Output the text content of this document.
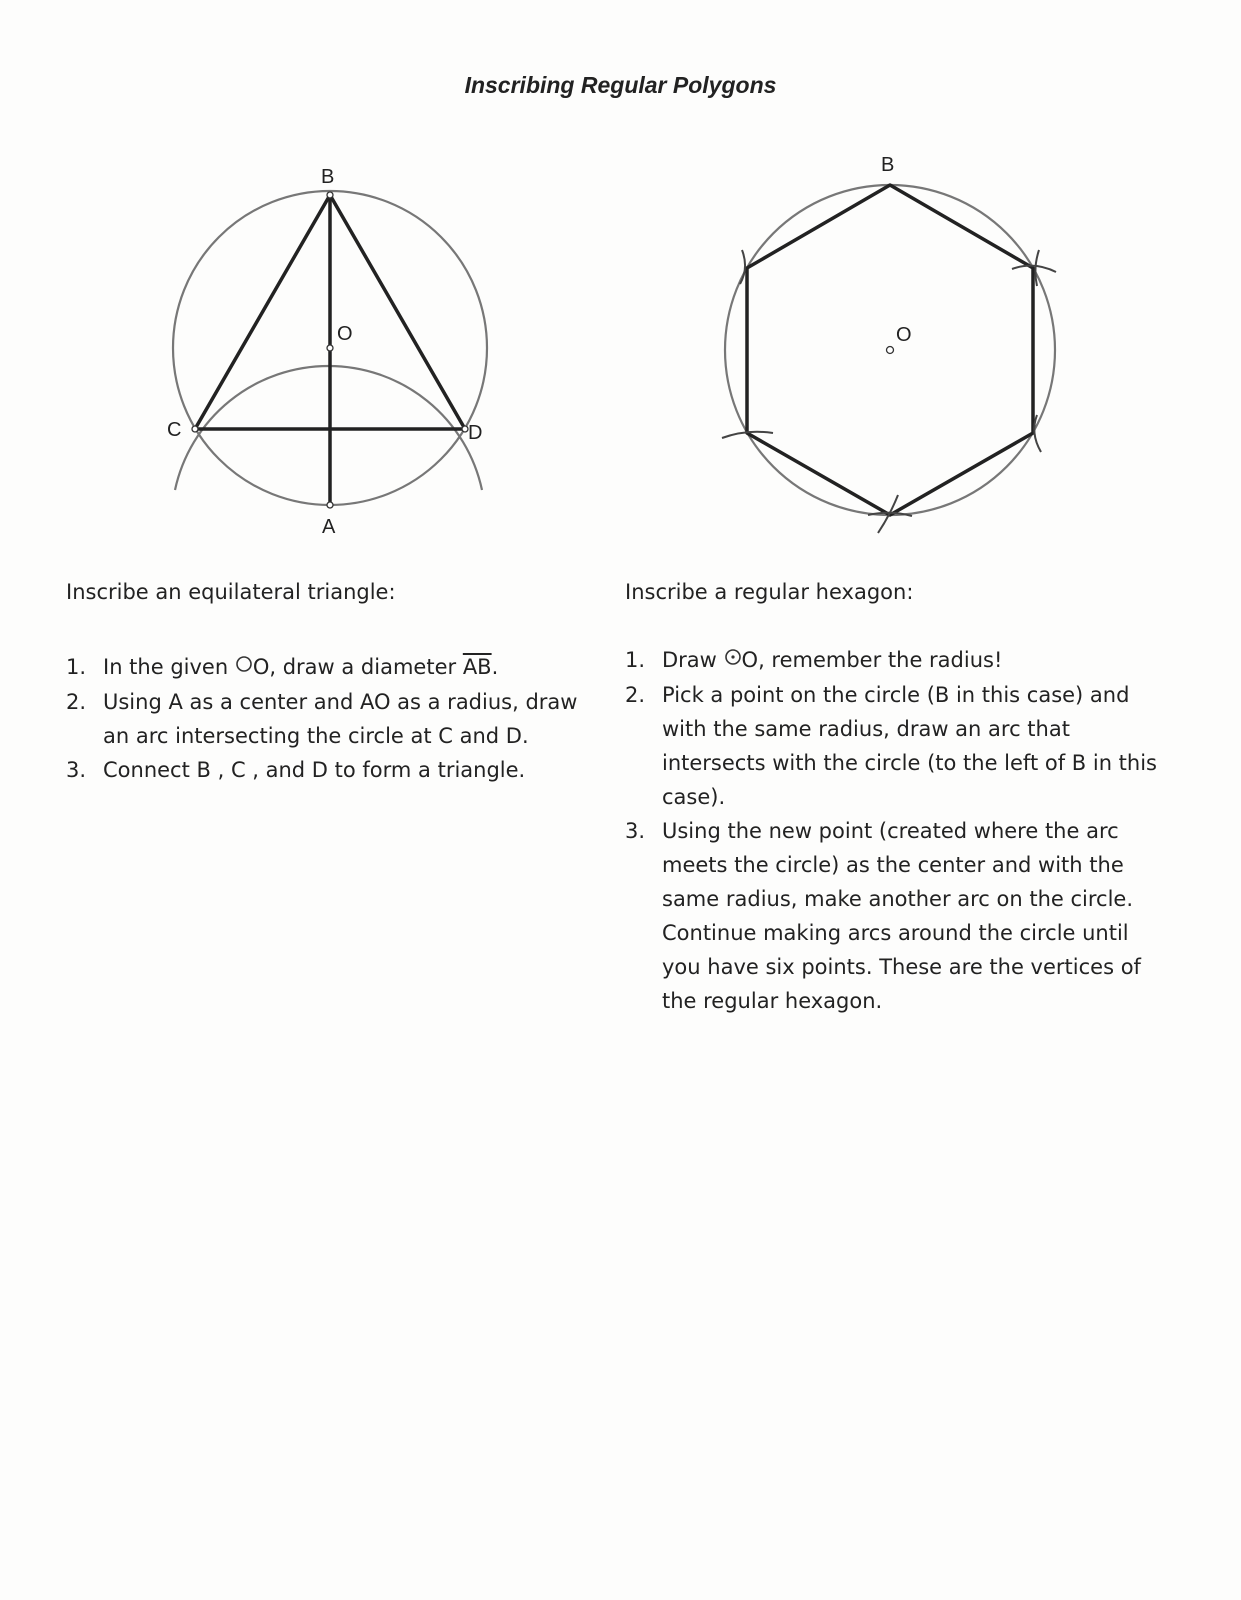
Inscribing Regular Polygons
B
O
C	D
A
B
O
Inscribe an equilateral triangle:
1. In the given O, draw a diameter $\overline{AB}$.
2. Using A as a center and AO as a radius, draw an arc intersecting the circle at C and D.
3. Connect B , C , and D to form a triangle.
Inscribe a regular hexagon:
1. Draw O, remember the radius!
2. Pick a point on the circle (B in this case) and with the same radius, draw an arc that intersects with the circle (to the left of B in this case).
3. Using the new point (created where the arc meets the circle) as the center and with the same radius, make another arc on the circle. Continue making arcs around the circle until you have six points. These are the vertices of the regular hexagon.
